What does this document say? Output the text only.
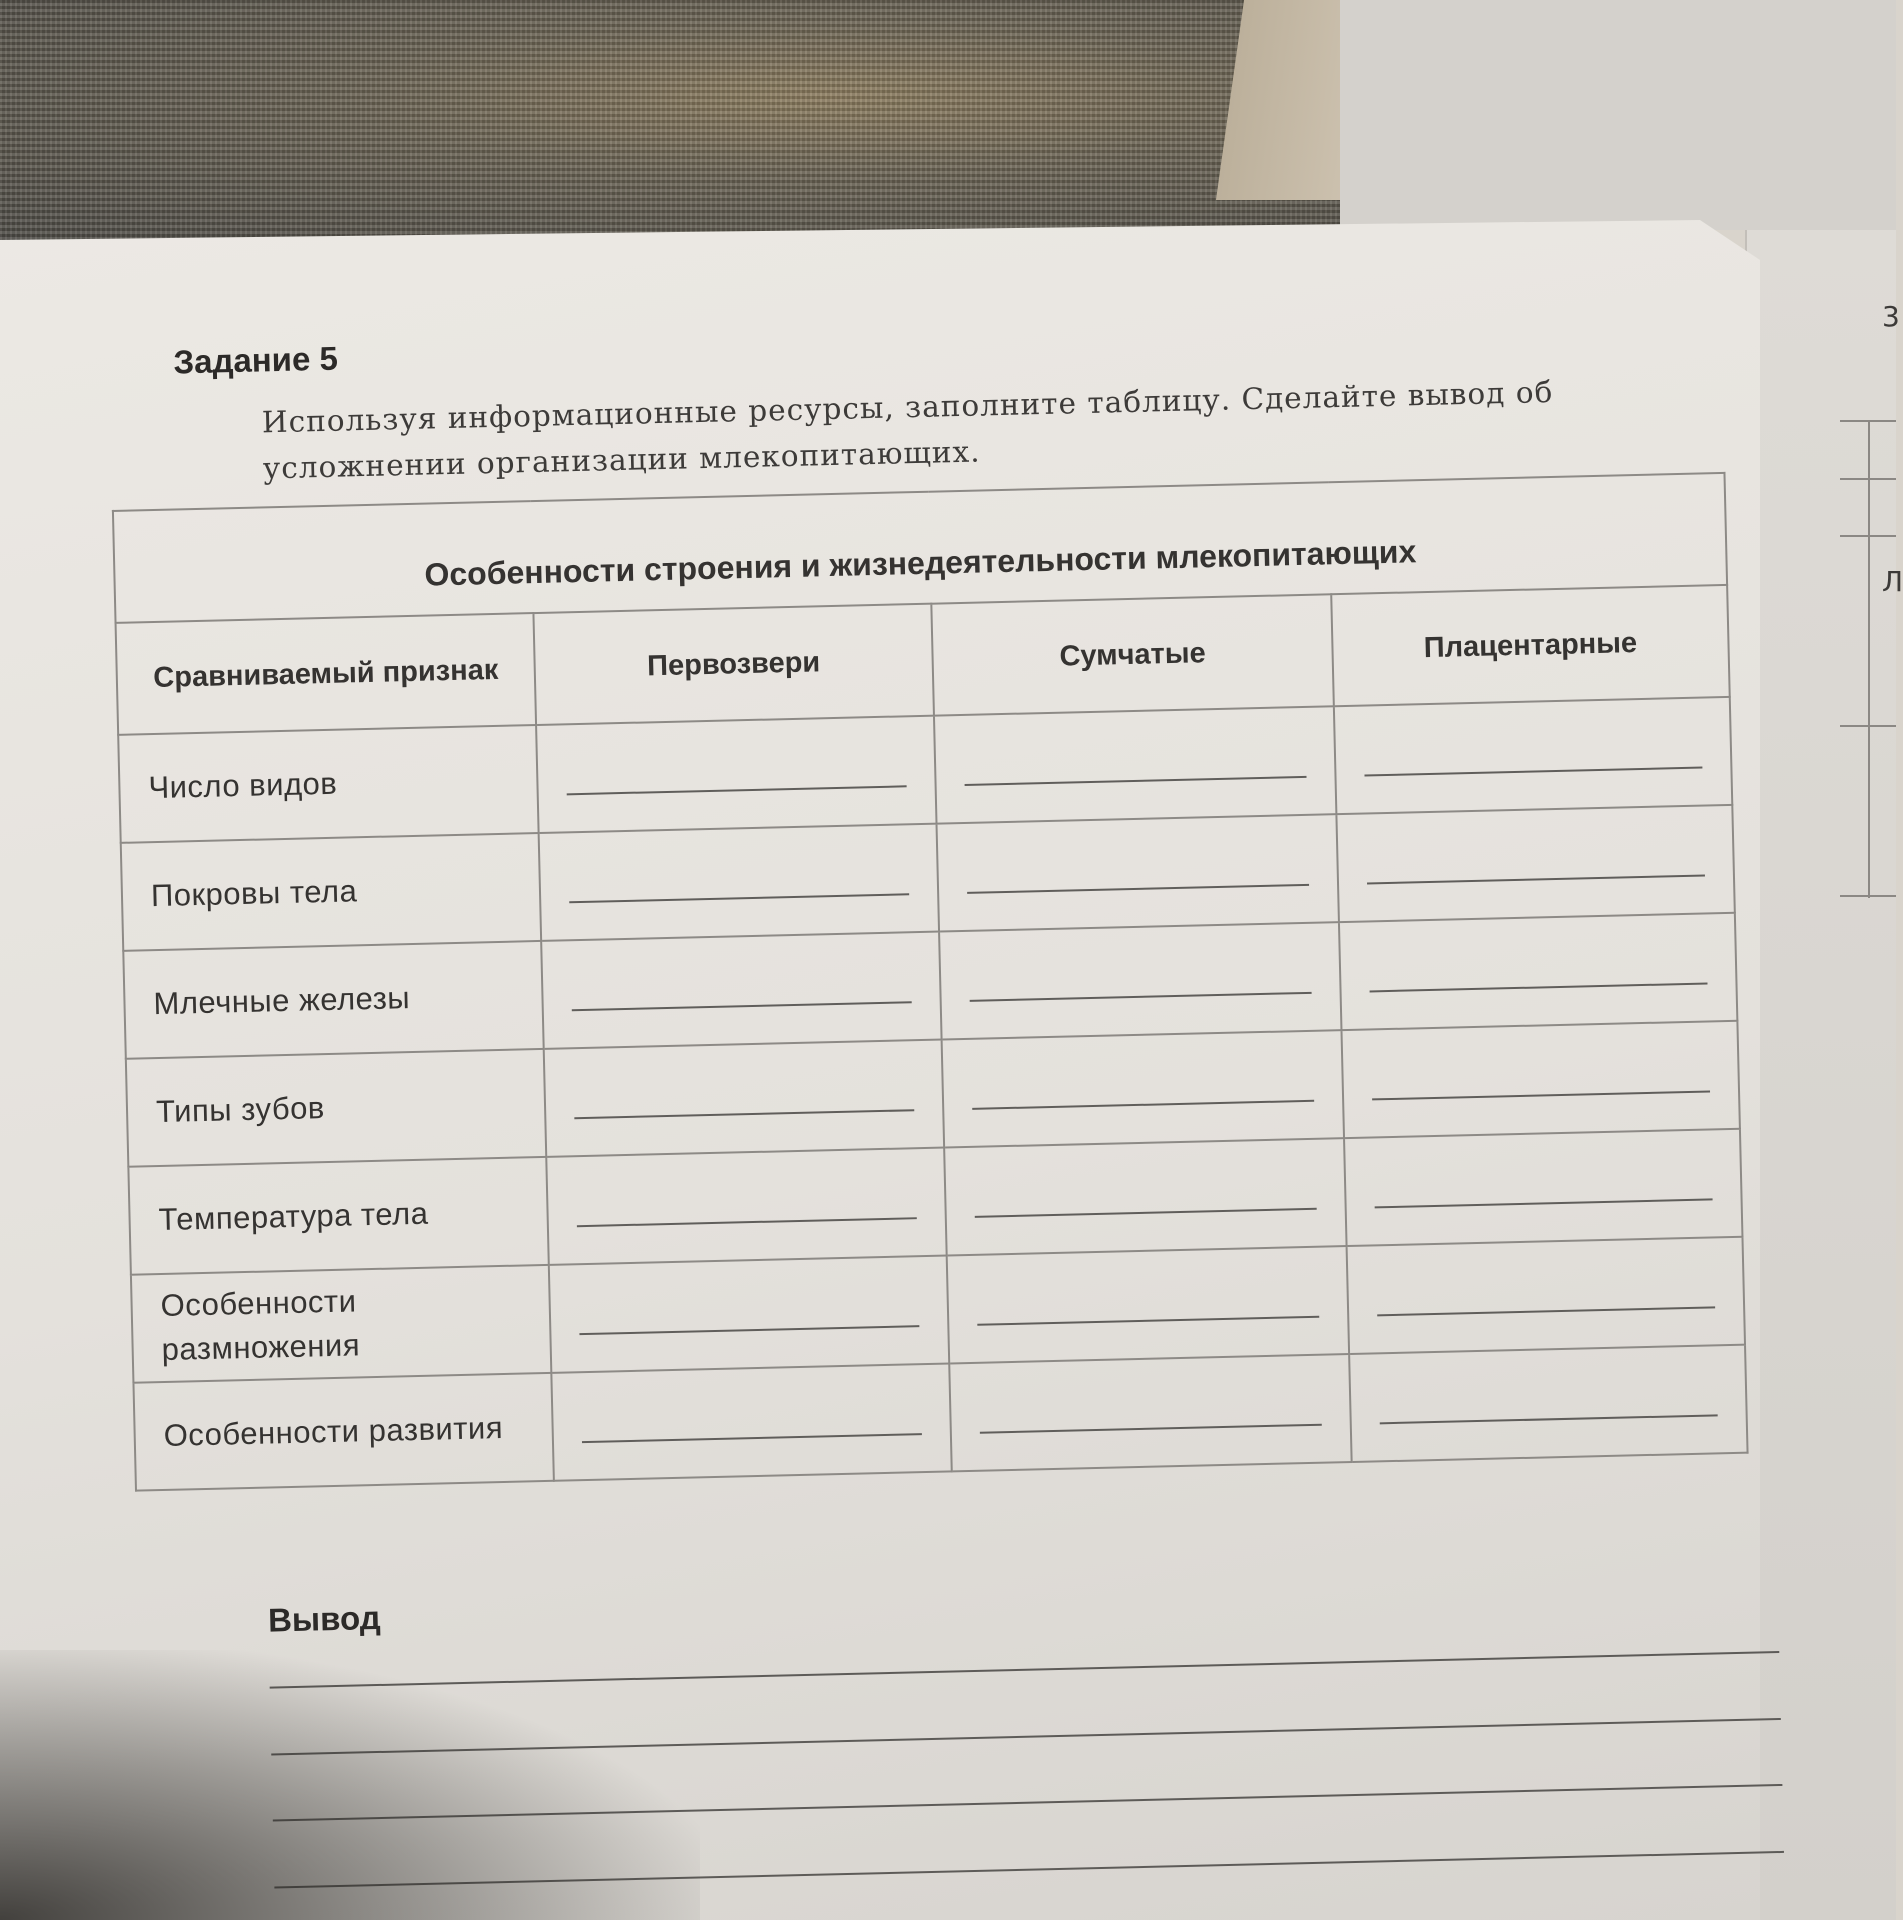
3
Л
Задание 5
Используя информационные ресурсы, заполните таблицу. Сделайте вывод об
усложнении организации млекопитающих.
Особенности строения и жизнедеятельности млекопитающих			
Сравниваемый признак	Первозвери	Сумчатые	Плацентарные
Число видов	

Покровы тела	

Млечные железы	

Типы зубов	

Температура тела	

Особенности размножения	

Особенности развития	

Вывод
